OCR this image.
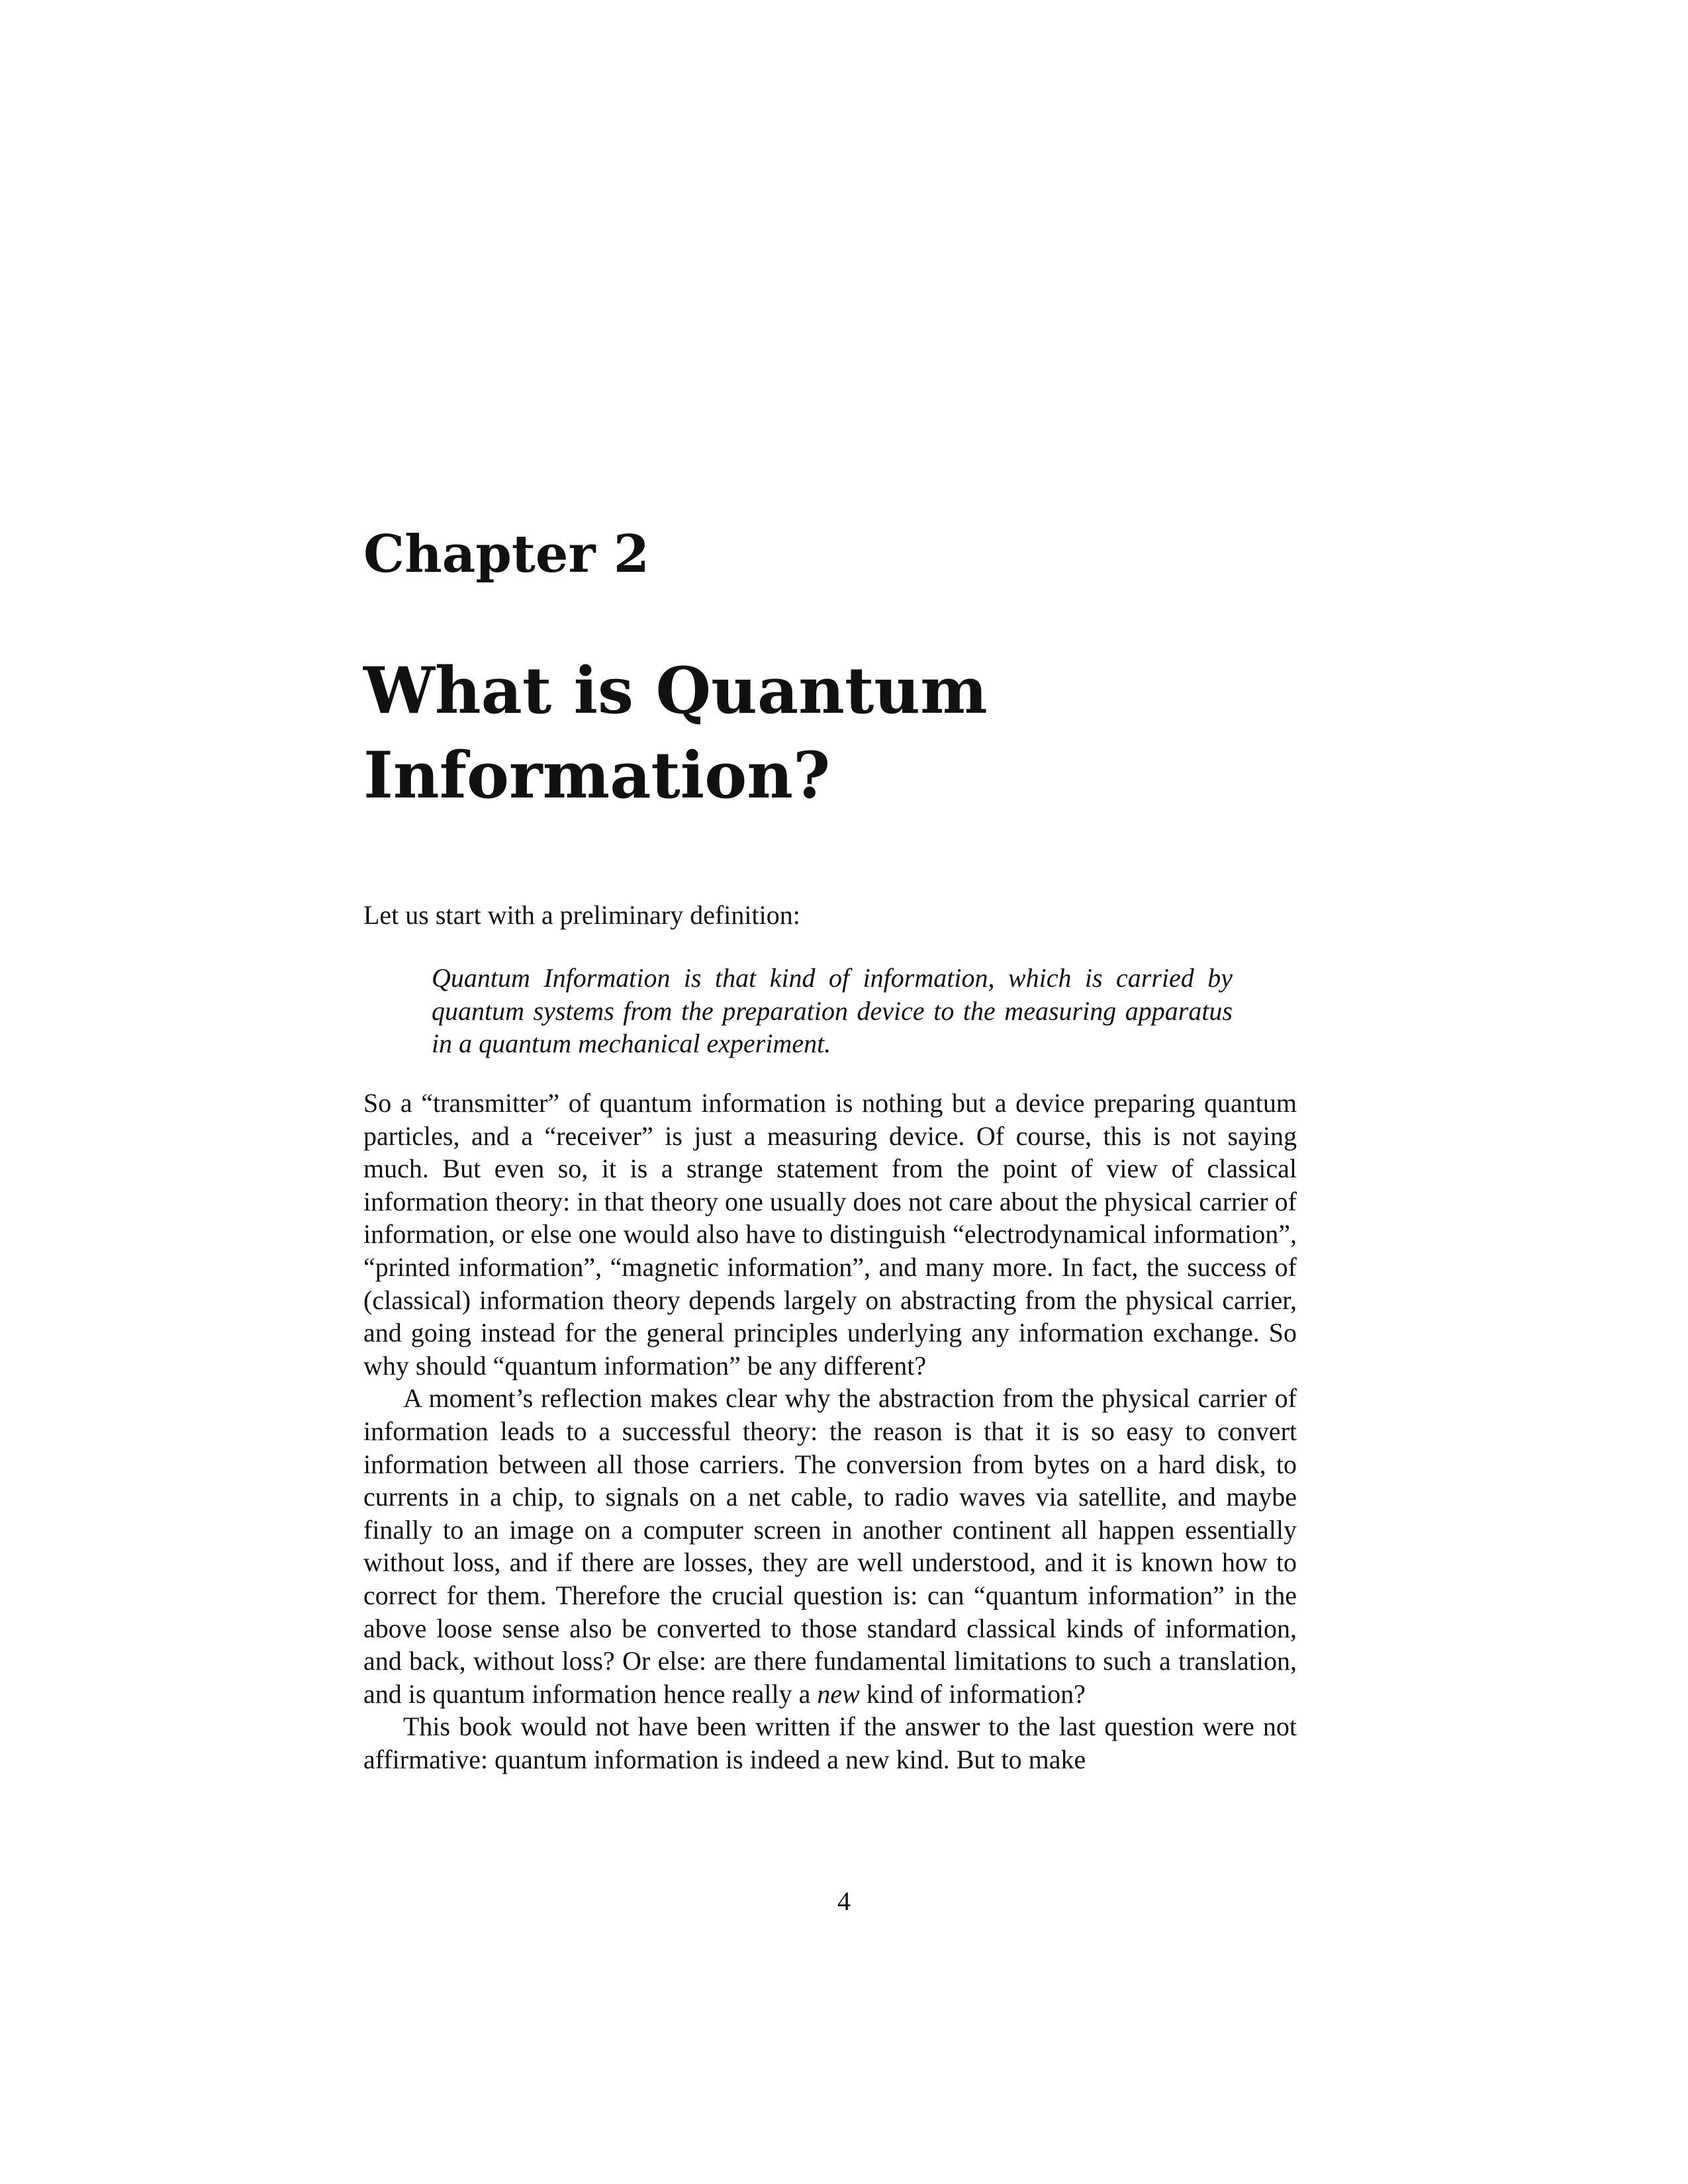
Chapter 2
What is Quantum
Information?

Let us start with a preliminary definition:

Quantum Information is that kind of information, which is carried by quantum systems from the preparation device to the measuring apparatus in a quantum mechanical experiment.

So a “transmitter” of quantum information is nothing but a device preparing quantum particles, and a “receiver” is just a measuring device. Of course, this is not saying much. But even so, it is a strange statement from the point of view of classical information theory: in that theory one usually does not care about the physical carrier of information, or else one would also have to distinguish “electrodynamical information”, “printed information”, “magnetic information”, and many more. In fact, the success of (classical) information theory depends largely on abstracting from the physical carrier, and going instead for the general principles underlying any information exchange. So why should “quantum information” be any different?

A moment’s reflection makes clear why the abstraction from the physical carrier of information leads to a successful theory: the reason is that it is so easy to convert information between all those carriers. The conversion from bytes on a hard disk, to currents in a chip, to signals on a net cable, to radio waves via satellite, and maybe finally to an image on a computer screen in another continent all happen essentially without loss, and if there are losses, they are well understood, and it is known how to correct for them. Therefore the crucial question is: can “quantum information” in the above loose sense also be converted to those standard classical kinds of information, and back, without loss? Or else: are there fundamental limitations to such a translation, and is quantum information hence really a new kind of information?

This book would not have been written if the answer to the last question were not affirmative: quantum information is indeed a new kind. But to make

4
